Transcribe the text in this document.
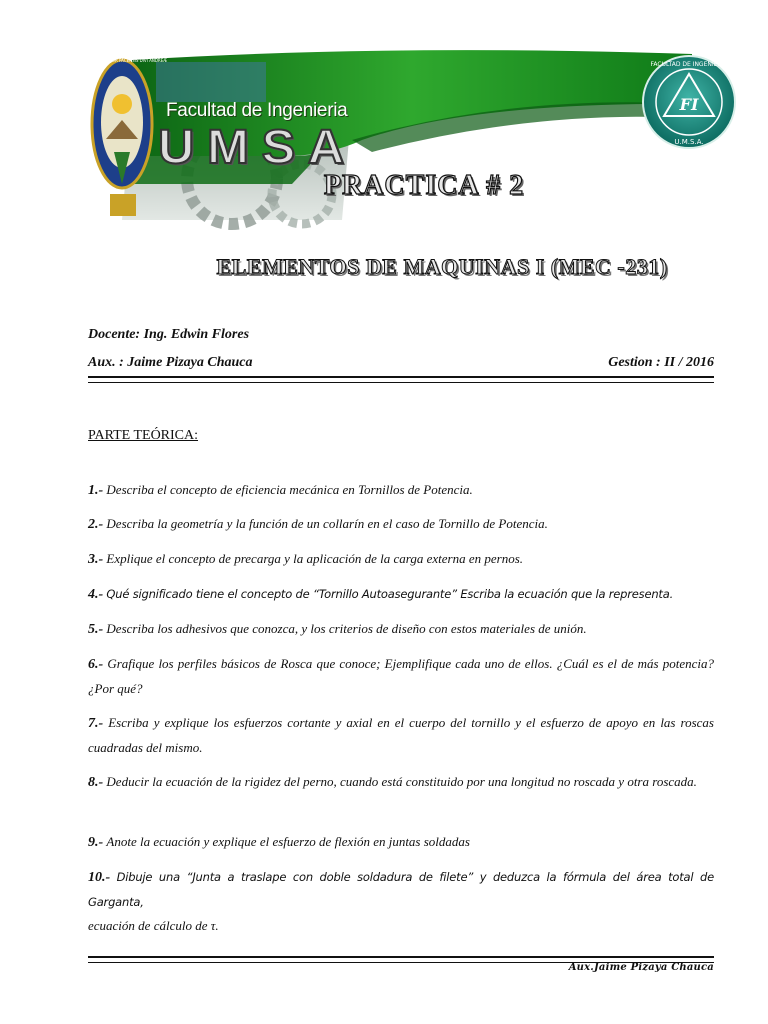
FI
U.M.S.A.
FACULTAD DE INGENIERIA
UNIVERSITAS MAJOR PACENSIS DIVI ANDREÆ
Facultad de Ingenieria
UMSA
PRACTICA # 2
ELEMENTOS DE MAQUINAS I (MEC -231)
Docente: Ing. Edwin Flores
Aux. : Jaime Pizaya Chauca	Gestion : II / 2016
PARTE TEÓRICA:
1.- Describa el concepto de eficiencia mecánica en Tornillos de Potencia.
2.- Describa la geometría y la función de un collarín en el caso de Tornillo de Potencia.
3.- Explique el concepto de precarga y la aplicación de la carga externa en pernos.
4.- Qué significado tiene el concepto de “Tornillo Autoasegurante” Escriba la ecuación que la representa.
5.- Describa los adhesivos que conozca, y los criterios de diseño con estos materiales de unión.
6.- Grafique los perfiles básicos de Rosca que conoce; Ejemplifique cada uno de ellos. ¿Cuál es el de más potencia? ¿Por qué?
7.- Escriba y explique los esfuerzos cortante y axial en el cuerpo del tornillo y el esfuerzo de apoyo en las roscas cuadradas del mismo.
8.- Deducir la ecuación de la rigidez del perno, cuando está constituido por una longitud no roscada y otra roscada.
9.- Anote la ecuación y explique el esfuerzo de flexión en juntas soldadas
10.- Dibuje una “Junta a traslape con doble soldadura de filete” y deduzca la fórmula del área total de Garganta,
ecuación de cálculo de τ.
Aux.Jaime Pizaya Chauca
